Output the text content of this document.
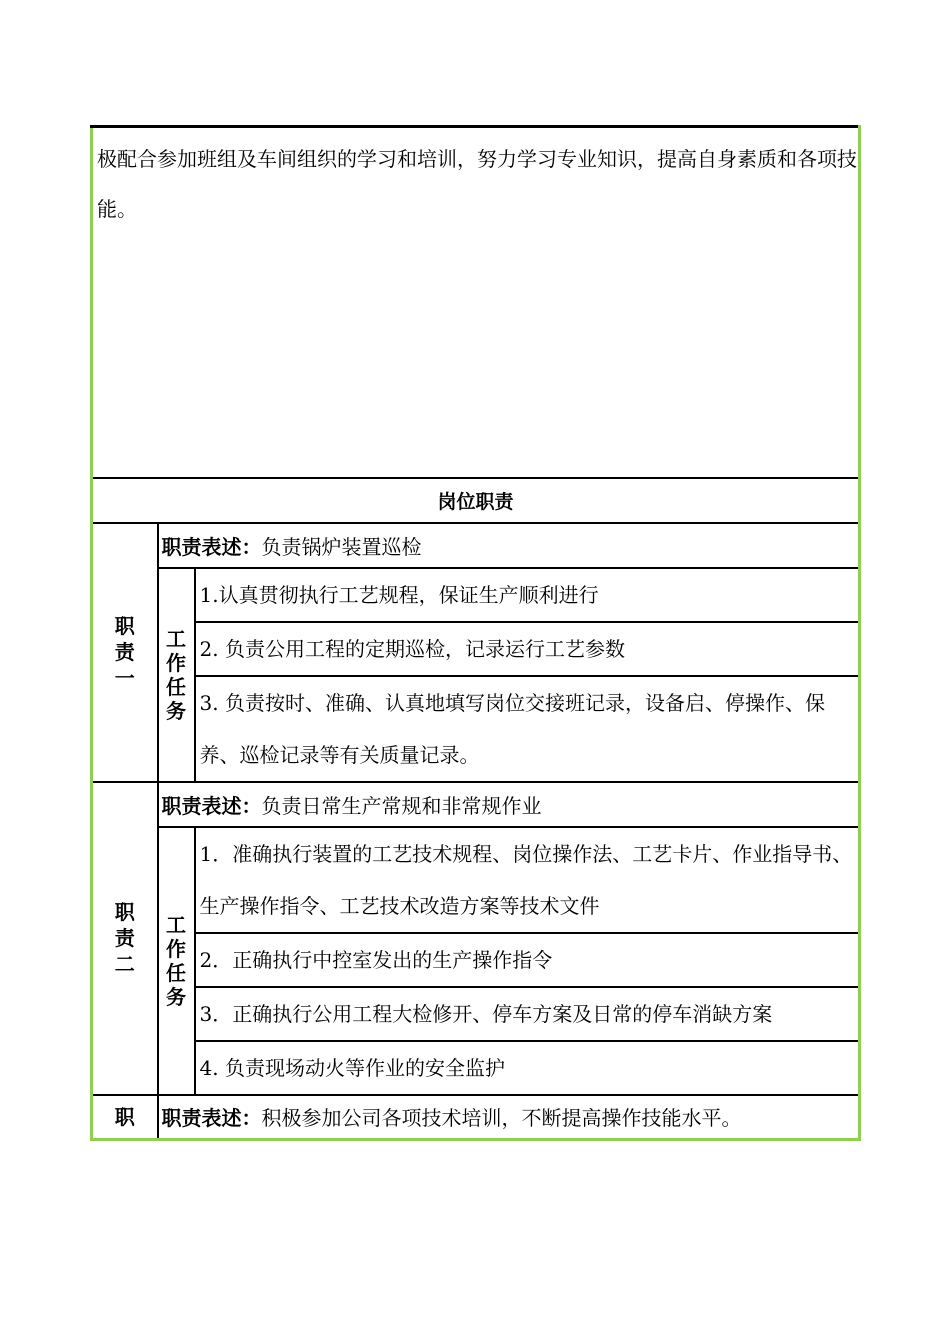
极配合参加班组及车间组织的学习和培训，努力学习专业知识，提高自身素质和各项技能。		
岗位职责		
职
责
一	职责表述：负责锅炉装置巡检	
	工
作
任
务	1.认真贯彻执行工艺规程，保证生产顺利进行
		2. 负责公用工程的定期巡检，记录运行工艺参数
		3. 负责按时、准确、认真地填写岗位交接班记录，设备启、停操作、保养、巡检记录等有关质量记录。
职
责
二	职责表述：负责日常生产常规和非常规作业	
	工
作
任
务	1．准确执行装置的工艺技术规程、岗位操作法、工艺卡片、作业指导书、生产操作指令、工艺技术改造方案等技术文件
		2．正确执行中控室发出的生产操作指令
		3．正确执行公用工程大检修开、停车方案及日常的停车消缺方案
		4. 负责现场动火等作业的安全监护
职	职责表述：积极参加公司各项技术培训，不断提高操作技能水平。	
